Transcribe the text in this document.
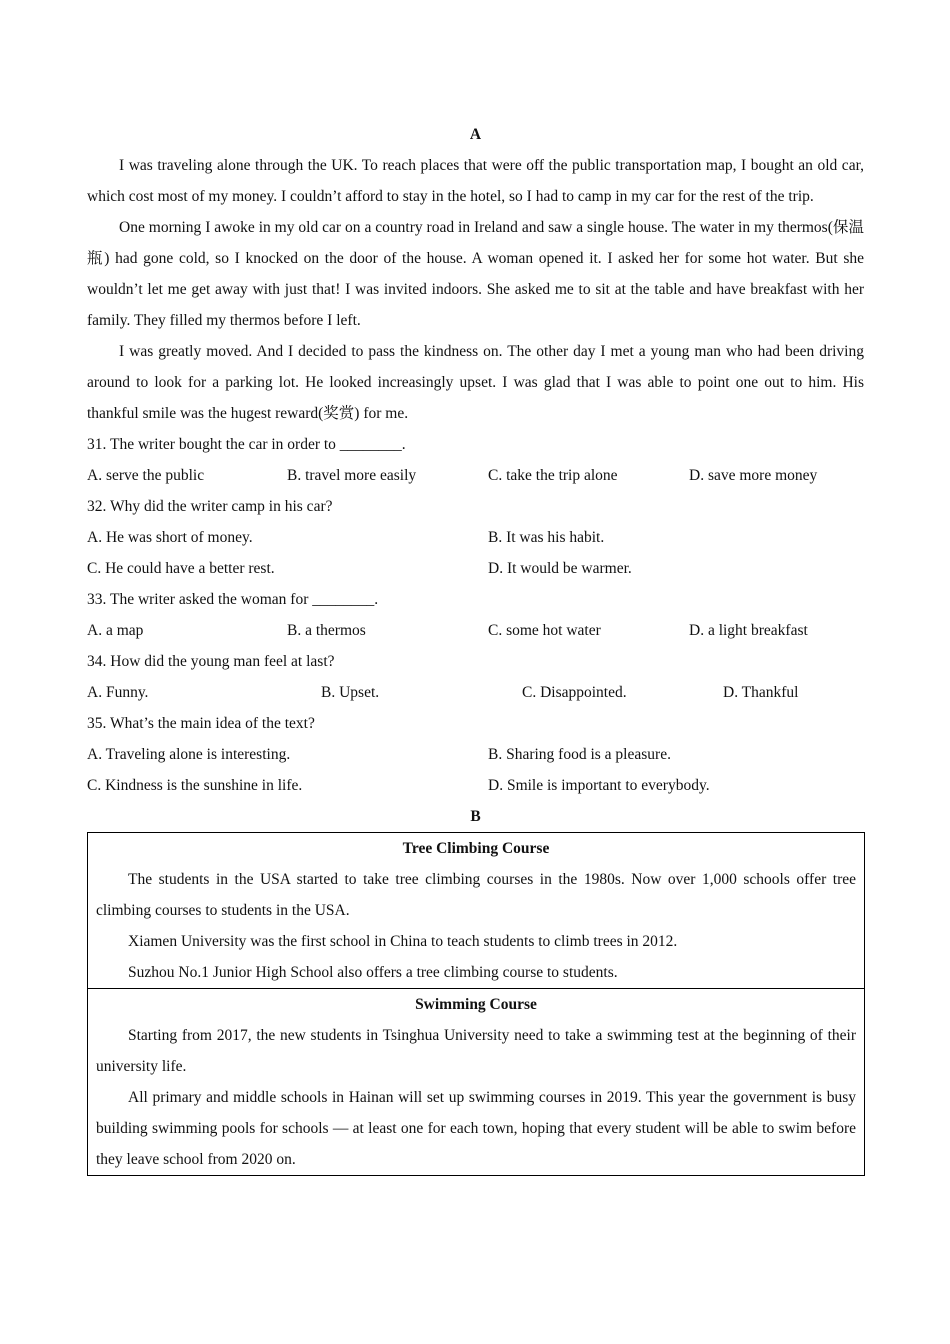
A

I was traveling alone through the UK. To reach places that were off the public transportation map, I bought an old car, which cost most of my money. I couldn’t afford to stay in the hotel, so I had to camp in my car for the rest of the trip.

One morning I awoke in my old car on a country road in Ireland and saw a single house. The water in my thermos(保温瓶) had gone cold, so I knocked on the door of the house. A woman opened it. I asked her for some hot water. But she wouldn’t let me get away with just that! I was invited indoors. She asked me to sit at the table and have breakfast with her family. They filled my thermos before I left.

I was greatly moved. And I decided to pass the kindness on. The other day I met a young man who had been driving around to look for a parking lot. He looked increasingly upset. I was glad that I was able to point one out to him. His thankful smile was the hugest reward(奖赏) for me.

31. The writer bought the car in order to ________.
A. serve the public	B. travel more easily	C. take the trip alone	D. save more money
32. Why did the writer camp in his car?
A. He was short of money.	B. It was his habit.
C. He could have a better rest.	D. It would be warmer.
33. The writer asked the woman for ________.
A. a map	B. a thermos	C. some hot water	D. a light breakfast
34. How did the young man feel at last?
A. Funny.	B. Upset.	C. Disappointed.	D. Thankful
35. What’s the main idea of the text?
A. Traveling alone is interesting.	B. Sharing food is a pleasure.
C. Kindness is the sunshine in life.	D. Smile is important to everybody.
B
Tree Climbing Course

The students in the USA started to take tree climbing courses in the 1980s. Now over 1,000 schools offer tree climbing courses to students in the USA.

Xiamen University was the first school in China to teach students to climb trees in 2012.

Suzhou No.1 Junior High School also offers a tree climbing course to students.

Swimming Course

Starting from 2017, the new students in Tsinghua University need to take a swimming test at the beginning of their university life.

All primary and middle schools in Hainan will set up swimming courses in 2019. This year the government is busy building swimming pools for schools — at least one for each town, hoping that every student will be able to swim before they leave school from 2020 on.
